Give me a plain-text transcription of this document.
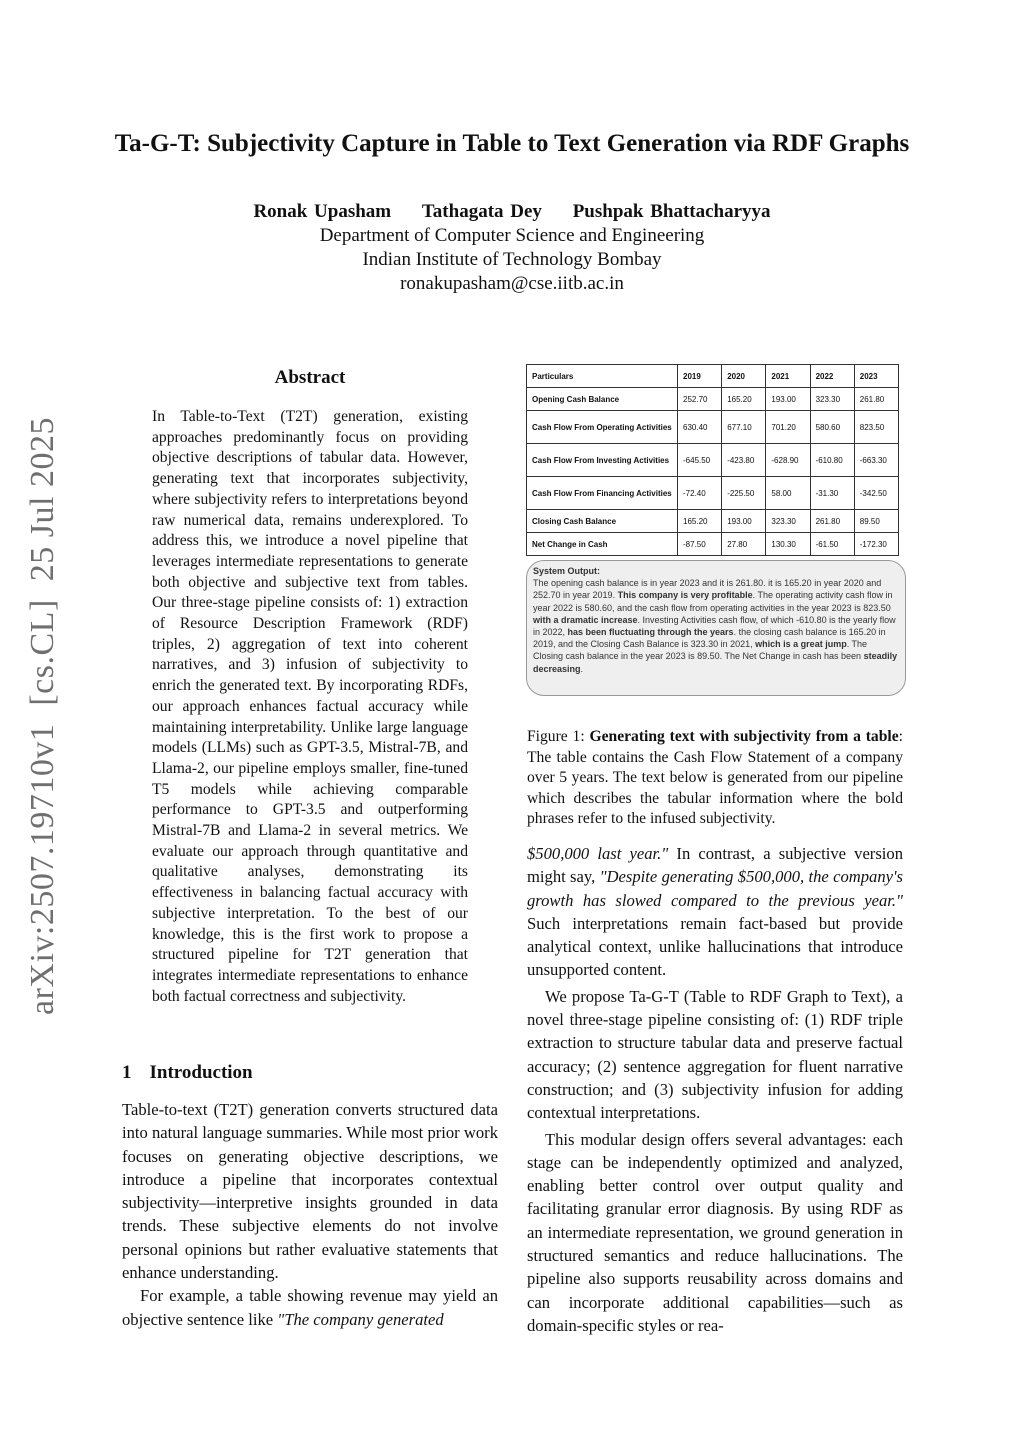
Ta-G-T: Subjectivity Capture in Table to Text Generation via RDF Graphs
Ronak Upasham Tathagata Dey Pushpak Bhattacharyya
Department of Computer Science and Engineering
Indian Institute of Technology Bombay
ronakupasham@cse.iitb.ac.in
arXiv:2507.19710v1  [cs.CL]  25 Jul 2025
Abstract
In Table-to-Text (T2T) generation, existing approaches predominantly focus on providing objective descriptions of tabular data. However, generating text that incorporates subjectivity, where subjectivity refers to interpretations beyond raw numerical data, remains underexplored. To address this, we introduce a novel pipeline that leverages intermediate representations to generate both objective and subjective text from tables. Our three-stage pipeline consists of: 1) extraction of Resource Description Framework (RDF) triples, 2) aggregation of text into coherent narratives, and 3) infusion of subjectivity to enrich the generated text. By incorporating RDFs, our approach enhances factual accuracy while maintaining interpretability. Unlike large language models (LLMs) such as GPT-3.5, Mistral-7B, and Llama-2, our pipeline employs smaller, fine-tuned T5 models while achieving comparable performance to GPT-3.5 and outperforming Mistral-7B and Llama-2 in several metrics. We evaluate our approach through quantitative and qualitative analyses, demonstrating its effectiveness in balancing factual accuracy with subjective interpretation. To the best of our knowledge, this is the first work to propose a structured pipeline for T2T generation that integrates intermediate representations to enhance both factual correctness and subjectivity.
1 Introduction

Table-to-text (T2T) generation converts structured data into natural language summaries. While most prior work focuses on generating objective descriptions, we introduce a pipeline that incorporates contextual subjectivity—interpretive insights grounded in data trends. These subjective elements do not involve personal opinions but rather evaluative statements that enhance understanding.

For example, a table showing revenue may yield an objective sentence like "The company generated

Particulars	2019	2020	2021	2022	2023
Opening Cash Balance	252.70	165.20	193.00	323.30	261.80
Cash Flow From Operating Activities	630.40	677.10	701.20	580.60	823.50
Cash Flow From Investing Activities	-645.50	-423.80	-628.90	-610.80	-663.30
Cash Flow From Financing Activities	-72.40	-225.50	58.00	-31.30	-342.50
Closing Cash Balance	165.20	193.00	323.30	261.80	89.50
Net Change in Cash	-87.50	27.80	130.30	-61.50	-172.30
System Output:
The opening cash balance is in year 2023 and it is 261.80. it is 165.20 in year 2020 and 252.70 in year 2019. This company is very profitable. The operating activity cash flow in year 2022 is 580.60, and the cash flow from operating activities in the year 2023 is 823.50 with a dramatic increase. Investing Activities cash flow, of which -610.80 is the yearly flow in 2022, has been fluctuating through the years. the closing cash balance is 165.20 in 2019, and the Closing Cash Balance is 323.30 in 2021, which is a great jump. The Closing cash balance in the year 2023 is 89.50. The Net Change in cash has been steadily decreasing.
Figure 1: Generating text with subjectivity from a table: The table contains the Cash Flow Statement of a company over 5 years. The text below is generated from our pipeline which describes the tabular information where the bold phrases refer to the infused subjectivity.

$500,000 last year." In contrast, a subjective version might say, "Despite generating $500,000, the company's growth has slowed compared to the previous year." Such interpretations remain fact-based but provide analytical context, unlike hallucinations that introduce unsupported content.

We propose Ta-G-T (Table to RDF Graph to Text), a novel three-stage pipeline consisting of: (1) RDF triple extraction to structure tabular data and preserve factual accuracy; (2) sentence aggregation for fluent narrative construction; and (3) subjectivity infusion for adding contextual interpretations.

This modular design offers several advantages: each stage can be independently optimized and analyzed, enabling better control over output quality and facilitating granular error diagnosis. By using RDF as an intermediate representation, we ground generation in structured semantics and reduce hallucinations. The pipeline also supports reusability across domains and can incorporate additional capabilities—such as domain-specific styles or rea-
